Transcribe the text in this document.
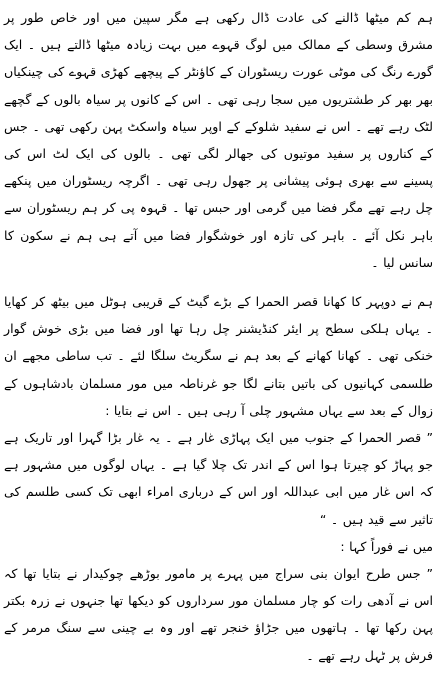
ہم کم میٹھا ڈالنے کی عادت ڈال رکھی ہے مگر سپین میں اور خاص طور پر مشرق وسطی کے ممالک میں لوگ قہوے میں بہت زیادہ میٹھا ڈالتے ہیں ۔ ایک گورے رنگ کی موٹی عورت ریسٹوران کے کاؤنٹر کے پیچھے کھڑی قہوے کی چینکیاں بھر بھر کر طشتریوں میں سجا رہی تھی ۔ اس کے کانوں پر سیاہ بالوں کے گچھے لٹک رہے تھے ۔ اس نے سفید شلوکے کے اوپر سیاہ واسکٹ پہن رکھی تھی ۔ جس کے کناروں پر سفید موتیوں کی جھالر لگی تھی ۔ بالوں کی ایک لٹ اس کی پسینے سے بھری ہوئی پیشانی پر جھول رہی تھی ۔ اگرچہ ریسٹوران میں پنکھے چل رہے تھے مگر فضا میں گرمی اور حبس تھا ۔ قہوہ پی کر ہم ریسٹوران سے باہر نکل آئے ۔ باہر کی تازہ اور خوشگوار فضا میں آتے ہی ہم نے سکون کا سانس لیا ۔

ہم نے دوپہر کا کھانا قصر الحمرا کے بڑے گیٹ کے قریبی ہوٹل میں بیٹھ کر کھایا ۔ یہاں ہلکی سطح پر ایئر کنڈیشنر چل رہا تھا اور فضا میں بڑی خوش گوار خنکی تھی ۔ کھانا کھانے کے بعد ہم نے سگریٹ سلگا لئے ۔ تب ساطی مجھے ان طلسمی کہانیوں کی باتیں بتانے لگا جو غرناطہ میں مور مسلمان بادشاہوں کے زوال کے بعد سے یہاں مشہور چلی آ رہی ہیں ۔ اس نے بتایا :

” قصر الحمرا کے جنوب میں ایک پہاڑی غار ہے ۔ یہ غار بڑا گہرا اور تاریک ہے جو پہاڑ کو چیرتا ہوا اس کے اندر تک چلا گیا ہے ۔ یہاں لوگوں میں مشہور ہے کہ اس غار میں ابی عبداللہ اور اس کے درباری امراء ابھی تک کسی طلسم کی تاثیر سے قید ہیں ۔ “

میں نے فوراً کہا :

” جس طرح ایوان بنی سراج میں پہرے پر مامور بوڑھے چوکیدار نے بتایا تھا کہ اس نے آدھی رات کو چار مسلمان مور سرداروں کو دیکھا تھا جنہوں نے زرہ بکتر پہن رکھا تھا ۔ ہاتھوں میں جڑاؤ خنجر تھے اور وہ بے چینی سے سنگ مرمر کے فرش پر ٹہل رہے تھے ۔
